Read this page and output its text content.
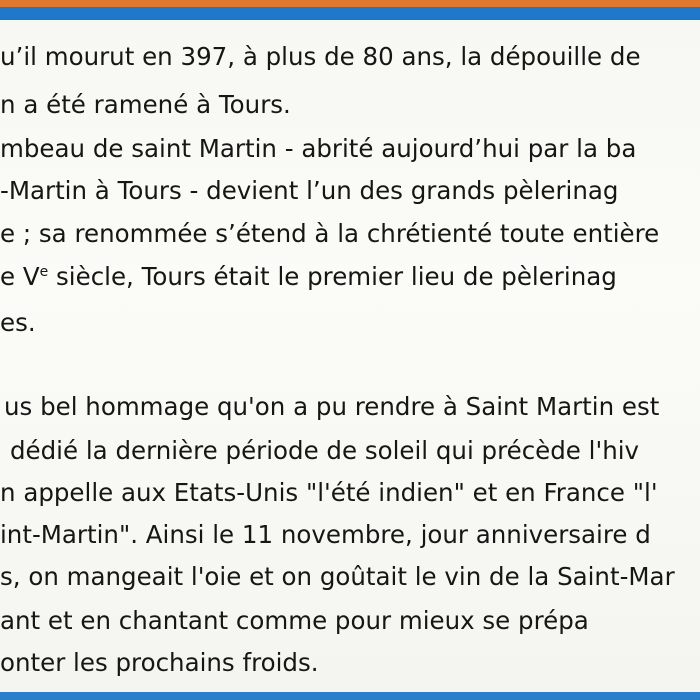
u’il mourut en 397, à plus de 80 ans, la dépouille de
n a été ramené à Tours.
mbeau de saint Martin - abrité aujourd’hui par la ba
-Martin à Tours - devient l’un des grands pèlerinag
e ; sa renommée s’étend à la chrétienté toute entière
e Ve siècle, Tours était le premier lieu de pèlerinag
es.
us bel hommage qu'on a pu rendre à Saint Martin est
dédié la dernière période de soleil qui précède l'hiv
n appelle aux Etats-Unis "l'été indien" et en France "l'
int-Martin". Ainsi le 11 novembre, jour anniversaire d
s, on mangeait l'oie et on goûtait le vin de la Saint-Mar
ant et en chantant comme pour mieux se prépa
onter les prochains froids.
